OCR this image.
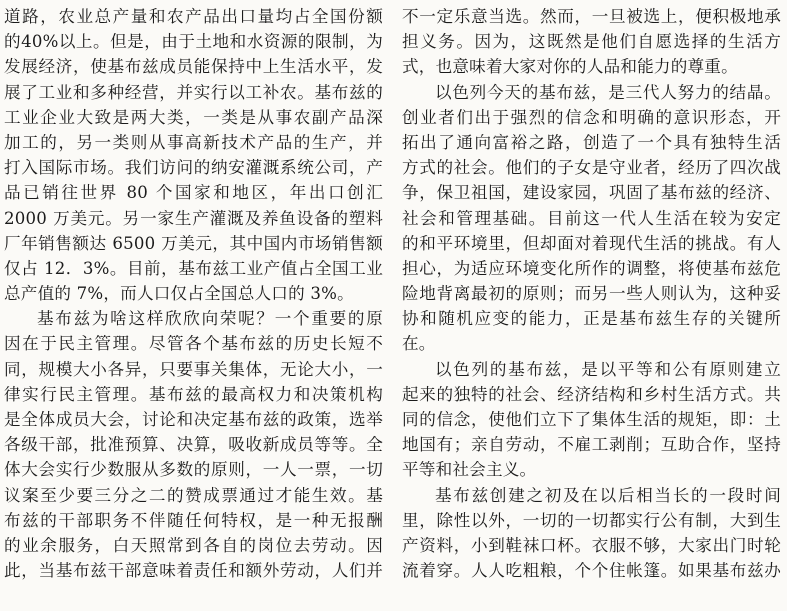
道路，农业总产量和农产品出口量均占全国份额
的40%以上。但是，由于土地和水资源的限制，为
发展经济，使基布兹成员能保持中上生活水平，发
展了工业和多种经营，并实行以工补农。基布兹的
工业企业大致是两大类，一类是从事农副产品深
加工的，另一类则从事高新技术产品的生产，并
打入国际市场。我们访问的纳安灌溉系统公司，产
品已销往世界 80 个国家和地区，年出口创汇
2000 万美元。另一家生产灌溉及养鱼设备的塑料
厂年销售额达 6500 万美元，其中国内市场销售额
仅占 12．3%。目前，基布兹工业产值占全国工业
总产值的 7%，而人口仅占全国总人口的 3%。
基布兹为啥这样欣欣向荣呢？一个重要的原
因在于民主管理。尽管各个基布兹的历史长短不
同，规模大小各异，只要事关集体，无论大小，一
律实行民主管理。基布兹的最高权力和决策机构
是全体成员大会，讨论和决定基布兹的政策，选举
各级干部，批准预算、决算，吸收新成员等等。全
体大会实行少数服从多数的原则，一人一票，一切
议案至少要三分之二的赞成票通过才能生效。基
布兹的干部职务不伴随任何特权，是一种无报酬
的业余服务，白天照常到各自的岗位去劳动。因
此，当基布兹干部意味着责任和额外劳动，人们并
不一定乐意当选。然而，一旦被选上，便积极地承
担义务。因为，这既然是他们自愿选择的生活方
式，也意味着大家对你的人品和能力的尊重。
以色列今天的基布兹，是三代人努力的结晶。
创业者们出于强烈的信念和明确的意识形态，开
拓出了通向富裕之路，创造了一个具有独特生活
方式的社会。他们的子女是守业者，经历了四次战
争，保卫祖国，建设家园，巩固了基布兹的经济、
社会和管理基础。目前这一代人生活在较为安定
的和平环境里，但却面对着现代生活的挑战。有人
担心，为适应环境变化所作的调整，将使基布兹危
险地背离最初的原则；而另一些人则认为，这种妥
协和随机应变的能力，正是基布兹生存的关键所
在。
以色列的基布兹，是以平等和公有原则建立
起来的独特的社会、经济结构和乡村生活方式。共
同的信念，使他们立下了集体生活的规矩，即：土
地国有；亲自劳动，不雇工剥削；互助合作，坚持
平等和社会主义。
基布兹创建之初及在以后相当长的一段时间
里，除性以外，一切的一切都实行公有制，大到生
产资料，小到鞋袜口杯。衣服不够，大家出门时轮
流着穿。人人吃粗粮，个个住帐篷。如果基布兹办
